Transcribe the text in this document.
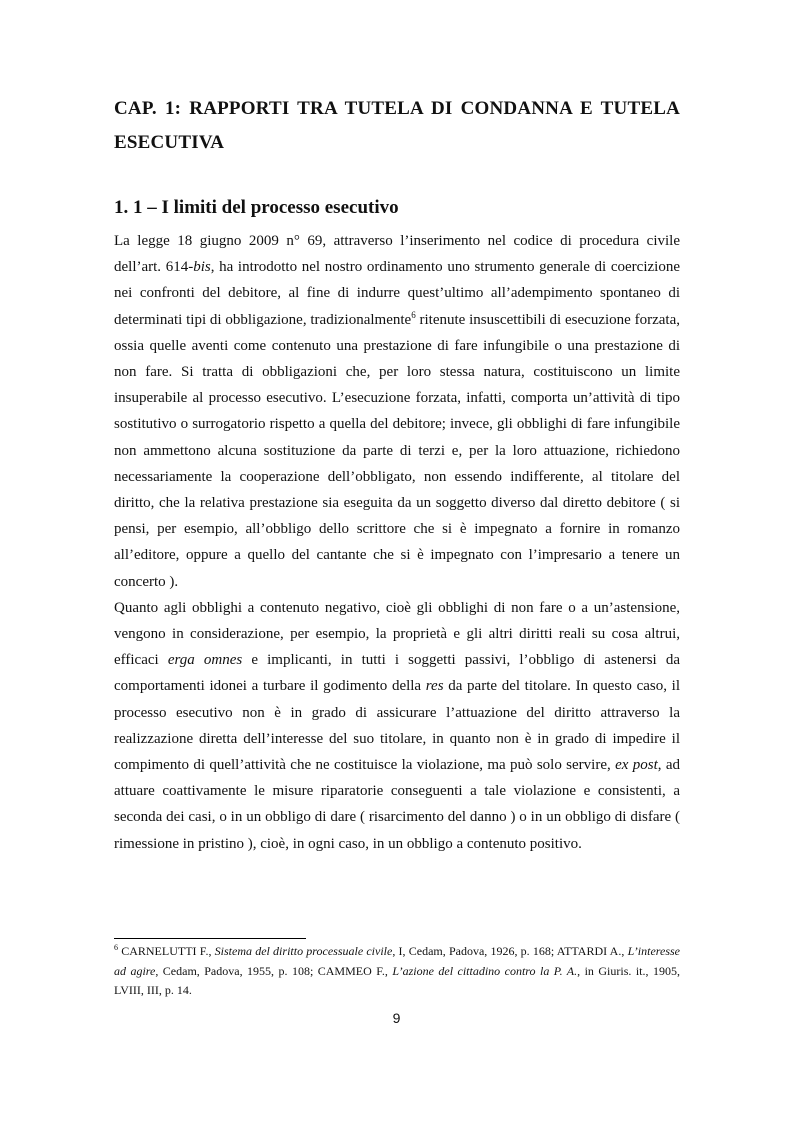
CAP. 1: RAPPORTI TRA TUTELA DI CONDANNA E TUTELA ESECUTIVA
1. 1 – I limiti del processo esecutivo

La legge 18 giugno 2009 n° 69, attraverso l’inserimento nel codice di procedura civile dell’art. 614-bis, ha introdotto nel nostro ordinamento uno strumento generale di coercizione nei confronti del debitore, al fine di indurre quest’ultimo all’adempimento spontaneo di determinati tipi di obbligazione, tradizionalmente$^6$ ritenute insuscettibili di esecuzione forzata, ossia quelle aventi come contenuto una prestazione di fare infungibile o una prestazione di non fare. Si tratta di obbligazioni che, per loro stessa natura, costituiscono un limite insuperabile al processo esecutivo. L’esecuzione forzata, infatti, comporta un’attività di tipo sostitutivo o surrogatorio rispetto a quella del debitore; invece, gli obblighi di fare infungibile non ammettono alcuna sostituzione da parte di terzi e, per la loro attuazione, richiedono necessariamente la cooperazione dell’obbligato, non essendo indifferente, al titolare del diritto, che la relativa prestazione sia eseguita da un soggetto diverso dal diretto debitore ( si pensi, per esempio, all’obbligo dello scrittore che si è impegnato a fornire in romanzo all’editore, oppure a quello del cantante che si è impegnato con l’impresario a tenere un concerto ).

Quanto agli obblighi a contenuto negativo, cioè gli obblighi di non fare o a un’astensione, vengono in considerazione, per esempio, la proprietà e gli altri diritti reali su cosa altrui, efficaci erga omnes e implicanti, in tutti i soggetti passivi, l’obbligo di astenersi da comportamenti idonei a turbare il godimento della res da parte del titolare. In questo caso, il processo esecutivo non è in grado di assicurare l’attuazione del diritto attraverso la realizzazione diretta dell’interesse del suo titolare, in quanto non è in grado di impedire il compimento di quell’attività che ne costituisce la violazione, ma può solo servire, ex post, ad attuare coattivamente le misure riparatorie conseguenti a tale violazione e consistenti, a seconda dei casi, o in un obbligo di dare ( risarcimento del danno ) o in un obbligo di disfare ( rimessione in pristino ), cioè, in ogni caso, in un obbligo a contenuto positivo.

$^6$ CARNELUTTI F., Sistema del diritto processuale civile, I, Cedam, Padova, 1926, p. 168; ATTARDI A., L’interesse ad agire, Cedam, Padova, 1955, p. 108; CAMMEO F., L’azione del cittadino contro la P. A., in Giuris. it., 1905, LVIII, III, p. 14.

9
